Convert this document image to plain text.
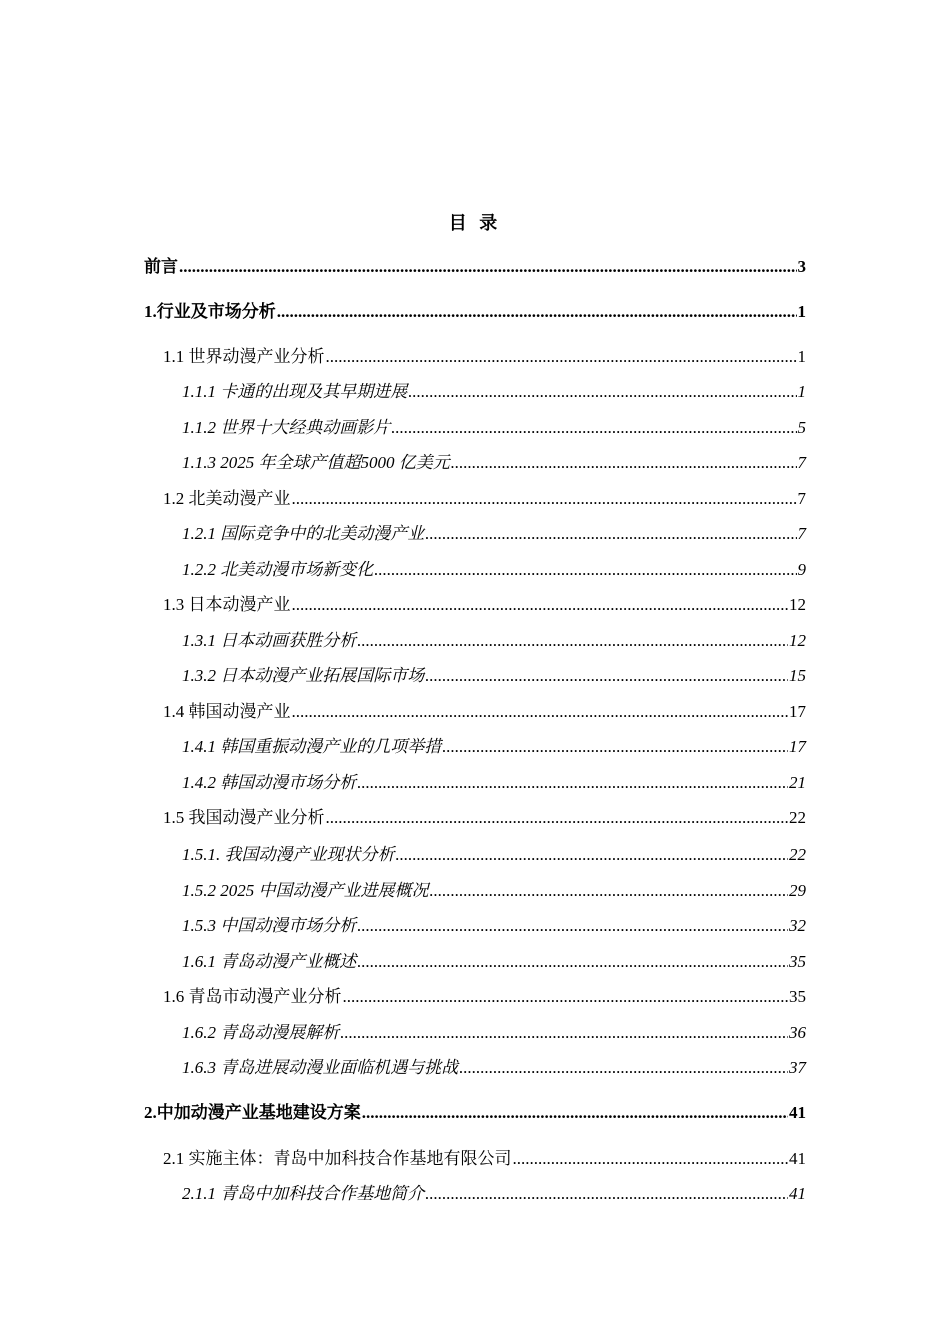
目 录
前言 .....	3
1.行业及市场分析 .....	1
1.1 世界动漫产业分析 .....	1
1.1.1 卡通的出现及其早期进展 .....	1
1.1.2 世界十大经典动画影片 .....	5
1.1.3 2025 年全球产值超5000 亿美元 .....	7
1.2 北美动漫产业 .....	7
1.2.1 国际竞争中的北美动漫产业 .....	7
1.2.2 北美动漫市场新变化 .....	9
1.3 日本动漫产业 .....	12
1.3.1 日本动画获胜分析 .....	12
1.3.2 日本动漫产业拓展国际市场 .....	15
1.4 韩国动漫产业 .....	17
1.4.1 韩国重振动漫产业的几项举措 .....	17
1.4.2 韩国动漫市场分析 .....	21
1.5 我国动漫产业分析 .....	22
1.5.1. 我国动漫产业现状分析 .....	22
1.5.2 2025 中国动漫产业进展概况 .....	29
1.5.3 中国动漫市场分析 .....	32
1.6.1 青岛动漫产业概述 .....	35
1.6 青岛市动漫产业分析 .....	35
1.6.2 青岛动漫展解析 .....	36
1.6.3 青岛进展动漫业面临机遇与挑战 .....	37
2.中加动漫产业基地建设方案 .....	41
2.1 实施主体：青岛中加科技合作基地有限公司 .....	41
2.1.1 青岛中加科技合作基地简介 .....	41
